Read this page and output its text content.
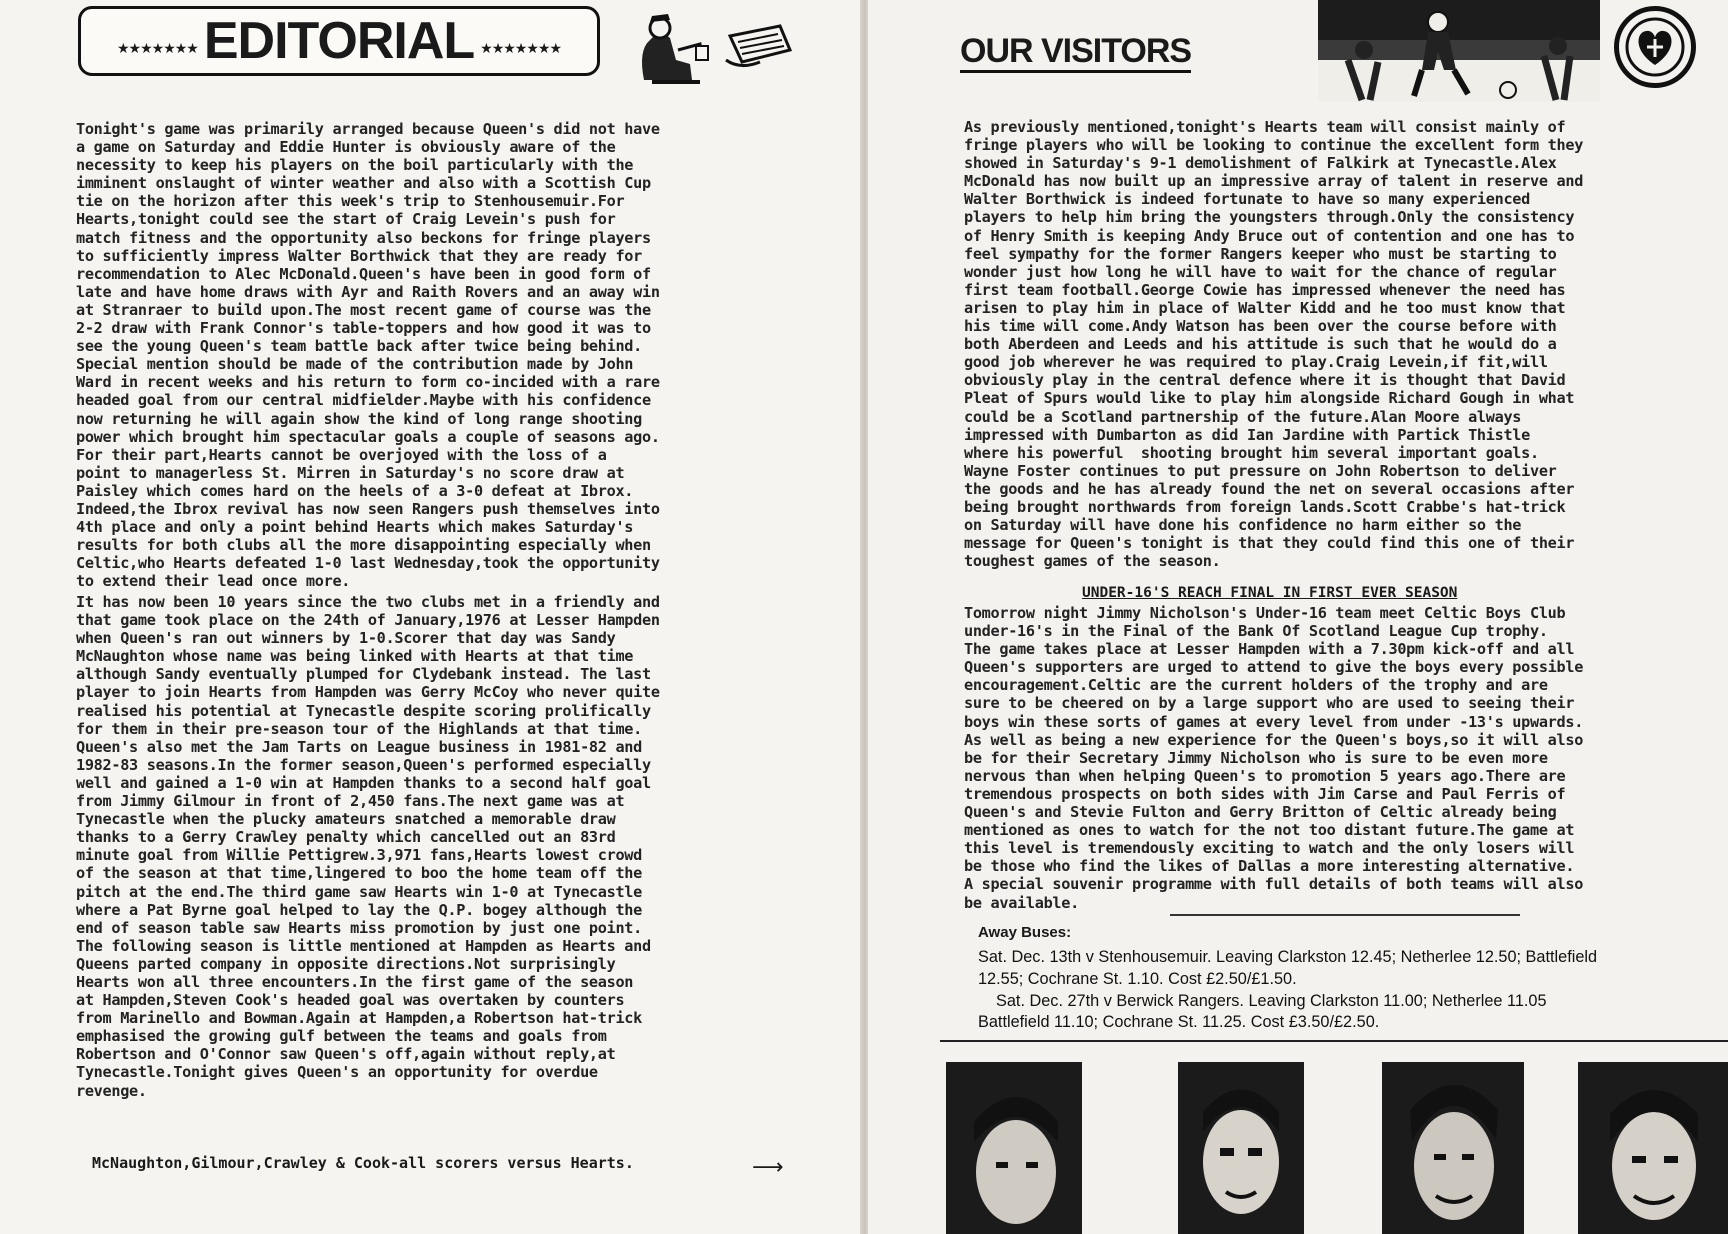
★★★★★★★ EDITORIAL ★★★★★★★
Tonight's game was primarily arranged because Queen's did not have
a game on Saturday and Eddie Hunter is obviously aware of the
necessity to keep his players on the boil particularly with the
imminent onslaught of winter weather and also with a Scottish Cup
tie on the horizon after this week's trip to Stenhousemuir.For
Hearts,tonight could see the start of Craig Levein's push for
match fitness and the opportunity also beckons for fringe players
to sufficiently impress Walter Borthwick that they are ready for
recommendation to Alec McDonald.Queen's have been in good form of
late and have home draws with Ayr and Raith Rovers and an away win
at Stranraer to build upon.The most recent game of course was the
2-2 draw with Frank Connor's table-toppers and how good it was to
see the young Queen's team battle back after twice being behind.
Special mention should be made of the contribution made by John
Ward in recent weeks and his return to form co-incided with a rare
headed goal from our central midfielder.Maybe with his confidence
now returning he will again show the kind of long range shooting
power which brought him spectacular goals a couple of seasons ago.
For their part,Hearts cannot be overjoyed with the loss of a
point to managerless St. Mirren in Saturday's no score draw at
Paisley which comes hard on the heels of a 3-0 defeat at Ibrox.
Indeed,the Ibrox revival has now seen Rangers push themselves into
4th place and only a point behind Hearts which makes Saturday's
results for both clubs all the more disappointing especially when
Celtic,who Hearts defeated 1-0 last Wednesday,took the opportunity
to extend their lead once more.
It has now been 10 years since the two clubs met in a friendly and
that game took place on the 24th of January,1976 at Lesser Hampden
when Queen's ran out winners by 1-0.Scorer that day was Sandy
McNaughton whose name was being linked with Hearts at that time
although Sandy eventually plumped for Clydebank instead. The last
player to join Hearts from Hampden was Gerry McCoy who never quite
realised his potential at Tynecastle despite scoring prolifically
for them in their pre-season tour of the Highlands at that time.
Queen's also met the Jam Tarts on League business in 1981-82 and
1982-83 seasons.In the former season,Queen's performed especially
well and gained a 1-0 win at Hampden thanks to a second half goal
from Jimmy Gilmour in front of 2,450 fans.The next game was at
Tynecastle when the plucky amateurs snatched a memorable draw
thanks to a Gerry Crawley penalty which cancelled out an 83rd
minute goal from Willie Pettigrew.3,971 fans,Hearts lowest crowd
of the season at that time,lingered to boo the home team off the
pitch at the end.The third game saw Hearts win 1-0 at Tynecastle
where a Pat Byrne goal helped to lay the Q.P. bogey although the
end of season table saw Hearts miss promotion by just one point.
The following season is little mentioned at Hampden as Hearts and
Queens parted company in opposite directions.Not surprisingly
Hearts won all three encounters.In the first game of the season
at Hampden,Steven Cook's headed goal was overtaken by counters
from Marinello and Bowman.Again at Hampden,a Robertson hat-trick
emphasised the growing gulf between the teams and goals from
Robertson and O'Connor saw Queen's off,again without reply,at
Tynecastle.Tonight gives Queen's an opportunity for overdue
revenge.
McNaughton,Gilmour,Crawley & Cook-all scorers versus Hearts.	⟶
OUR VISITORS
As previously mentioned,tonight's Hearts team will consist mainly of
fringe players who will be looking to continue the excellent form they
showed in Saturday's 9-1 demolishment of Falkirk at Tynecastle.Alex
McDonald has now built up an impressive array of talent in reserve and
Walter Borthwick is indeed fortunate to have so many experienced
players to help him bring the youngsters through.Only the consistency
of Henry Smith is keeping Andy Bruce out of contention and one has to
feel sympathy for the former Rangers keeper who must be starting to
wonder just how long he will have to wait for the chance of regular
first team football.George Cowie has impressed whenever the need has
arisen to play him in place of Walter Kidd and he too must know that
his time will come.Andy Watson has been over the course before with
both Aberdeen and Leeds and his attitude is such that he would do a
good job wherever he was required to play.Craig Levein,if fit,will
obviously play in the central defence where it is thought that David
Pleat of Spurs would like to play him alongside Richard Gough in what
could be a Scotland partnership of the future.Alan Moore always
impressed with Dumbarton as did Ian Jardine with Partick Thistle
where his powerful  shooting brought him several important goals.
Wayne Foster continues to put pressure on John Robertson to deliver
the goods and he has already found the net on several occasions after
being brought northwards from foreign lands.Scott Crabbe's hat-trick
on Saturday will have done his confidence no harm either so the
message for Queen's tonight is that they could find this one of their
toughest games of the season.
UNDER-16'S REACH FINAL IN FIRST EVER SEASON
Tomorrow night Jimmy Nicholson's Under-16 team meet Celtic Boys Club
under-16's in the Final of the Bank Of Scotland League Cup trophy.
The game takes place at Lesser Hampden with a 7.30pm kick-off and all
Queen's supporters are urged to attend to give the boys every possible
encouragement.Celtic are the current holders of the trophy and are
sure to be cheered on by a large support who are used to seeing their
boys win these sorts of games at every level from under -13's upwards.
As well as being a new experience for the Queen's boys,so it will also
be for their Secretary Jimmy Nicholson who is sure to be even more
nervous than when helping Queen's to promotion 5 years ago.There are
tremendous prospects on both sides with Jim Carse and Paul Ferris of
Queen's and Stevie Fulton and Gerry Britton of Celtic already being
mentioned as ones to watch for the not too distant future.The game at
this level is tremendously exciting to watch and the only losers will
be those who find the likes of Dallas a more interesting alternative.
A special souvenir programme with full details of both teams will also
be available.
Away Buses:
Sat. Dec. 13th v Stenhousemuir. Leaving Clarkston 12.45; Netherlee 12.50; Battlefield
12.55; Cochrane St. 1.10. Cost £2.50/£1.50.
Sat. Dec. 27th v Berwick Rangers. Leaving Clarkston 11.00; Netherlee 11.05
Battlefield 11.10; Cochrane St. 11.25. Cost £3.50/£2.50.
